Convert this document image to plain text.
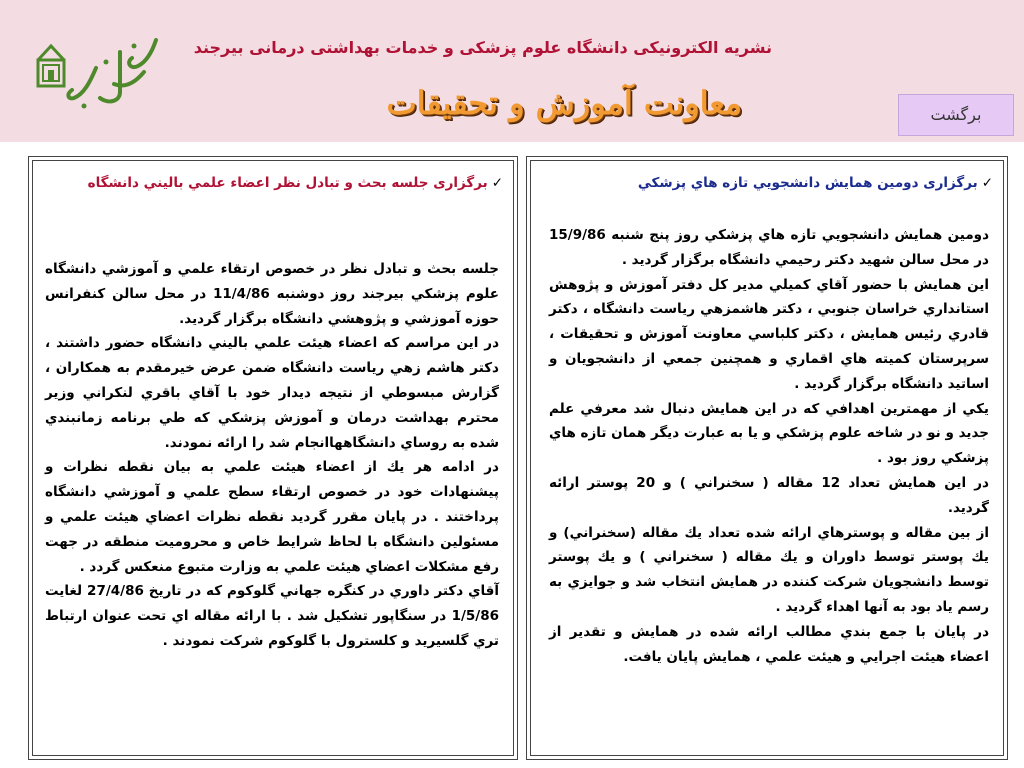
نشریه الکترونیکی دانشگاه علوم پزشکی و خدمات بهداشتی درمانی بیرجند
معاونت آموزش و تحقیقات	برگشت
✓برگزاری جلسه بحث و تبادل نظر اعضاء علمي باليني دانشگاه

جلسه بحث و تبادل نظر در خصوص ارتقاء علمي و آموزشي دانشگاه علوم پزشكي بيرجند روز دوشنبه 11/4/86 در محل سالن كنفرانس حوزه آموزشي و پژوهشي دانشگاه برگزار گرديد.

در اين مراسم كه اعضاء هيئت علمي باليني دانشگاه حضور داشتند ، دكتر هاشم زهي رياست دانشگاه ضمن عرض خيرمقدم به همكاران ، گزارش مبسوطي از نتيجه ديدار خود با آقاي باقري لنكراني وزير محترم بهداشت درمان و آموزش پزشكي كه طي برنامه زمانبندي شده به روساي دانشگاههاانجام شد را ارائه نمودند.

در ادامه هر يك از اعضاء هيئت علمي به بيان نقطه نظرات و پيشنهادات خود در خصوص ارتقاء سطح علمي و آموزشي دانشگاه پرداختند . در پايان مقرر گرديد نقطه نظرات اعضاي هيئت علمي و مسئولين دانشگاه با لحاظ شرايط خاص و محروميت منطقه در جهت رفع مشكلات اعضاي هيئت علمي به وزارت متبوع منعكس گردد .

آقاي دكتر داوري در كنگره جهاني گلوكوم كه در تاريخ 27/4/86 لغايت 1/5/86 در سنگاپور تشكيل شد . با ارائه مقاله اي تحت عنوان ارتباط تري گلسيريد و كلسترول با گلوكوم شركت نمودند .

✓برگزاری دومين همايش دانشجويي تازه هاي پزشكي

دومين همايش دانشجويي تازه هاي پزشكي روز پنج شنبه 15/9/86 در محل سالن شهيد دكتر رحيمي دانشگاه برگزار گرديد .

اين همايش با حضور آقاي كميلي مدير كل دفتر آموزش و پژوهش استانداري خراسان جنوبي ، دكتر هاشمزهي رياست دانشگاه ، دكتر قادري رئيس همايش ، دكتر كلباسي معاونت آموزش و تحقيقات ، سرپرستان كميته هاي اقماري و همچنين جمعي از دانشجويان و اساتيد دانشگاه برگزار گرديد .

يكي از مهمترين اهدافي كه در اين همايش دنبال شد معرفي علم جديد و نو در شاخه علوم پزشكي و يا به عبارت ديگر همان تازه هاي پزشكي روز بود .

در اين همايش تعداد 12 مقاله ( سخنراني ) و 20 پوستر ارائه گرديد.

از بين مقاله و پوسترهاي ارائه شده تعداد يك مقاله (سخنراني) و يك پوستر توسط داوران و يك مقاله ( سخنراني ) و يك پوستر توسط دانشجويان شركت كننده در همايش انتخاب شد و جوايزي به رسم ياد بود به آنها اهداء گرديد .

در پايان با جمع بندي مطالب ارائه شده در همايش و تقدير از اعضاء هيئت اجرايي و هيئت علمي ، همايش پايان يافت.
